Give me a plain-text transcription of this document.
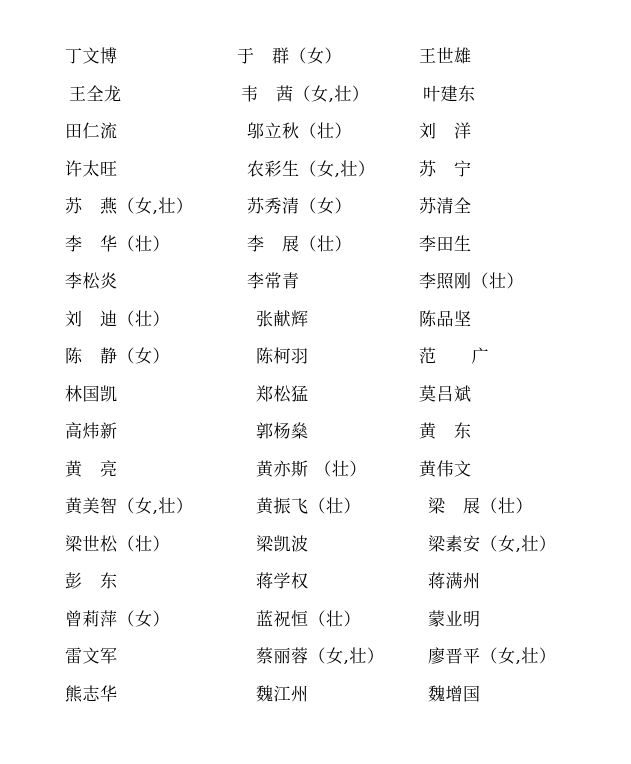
丁文博	于　群（女）	王世雄
王全龙	韦　茜（女,壮）	叶建东
田仁流	邬立秋（壮）	刘　洋
许太旺	农彩生（女,壮）	苏　宁
苏　燕（女,壮）	苏秀清（女）	苏清全
李　华（壮）	李　展（壮）	李田生
李松炎	李常青	李照刚（壮）
刘　迪（壮）	张献辉	陈品坚
陈　静（女）	陈柯羽	范　　广
林国凯	郑松猛	莫吕斌
高炜新	郭杨燊	黄　东
黄　亮	黄亦斯 （壮）	黄伟文
黄美智（女,壮）	黄振飞（壮）	梁　展（壮）
梁世松（壮）	梁凯波	梁素安（女,壮）
彭　东	蒋学权	蒋满州
曾莉萍（女）	蓝祝恒（壮）	蒙业明
雷文军	蔡丽蓉（女,壮）	廖晋平（女,壮）
熊志华	魏江州	魏增国
